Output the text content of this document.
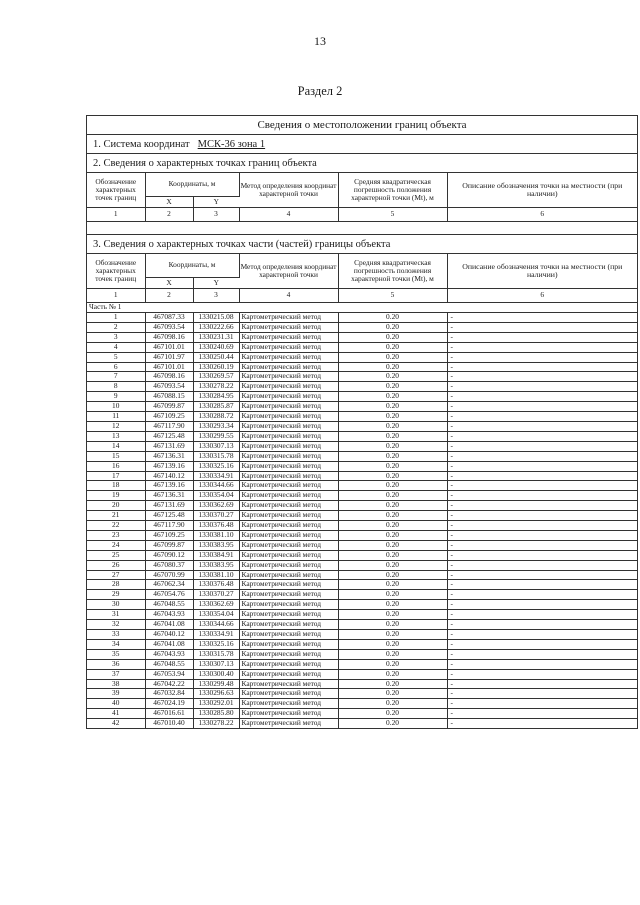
13
Раздел 2
Сведения о местоположении границ объекта
1. Система координат МСК-36 зона 1
2. Сведения о характерных точках границ объекта
Обозначение характерных точек границ	Координаты, м		Метод определения координат характерной точки	Средняя квадратическая погрешность положения характерной точки (Mt), м	Описание обозначения точки на местности (при наличии)
	X	Y			
1	2	3	4	5	6
3. Сведения о характерных точках части (частей) границы объекта
Обозначение характерных точек границ	Координаты, м		Метод определения координат характерной точки	Средняя квадратическая погрешность положения характерной точки (Mt), м	Описание обозначения точки на местности (при наличии)
	X	Y			
1	2	3	4	5	6
Часть № 1					
1	467087.33	1330215.08	Картометрический метод	0.20	-
2	467093.54	1330222.66	Картометрический метод	0.20	-
3	467098.16	1330231.31	Картометрический метод	0.20	-
4	467101.01	1330240.69	Картометрический метод	0.20	-
5	467101.97	1330250.44	Картометрический метод	0.20	-
6	467101.01	1330260.19	Картометрический метод	0.20	-
7	467098.16	1330269.57	Картометрический метод	0.20	-
8	467093.54	1330278.22	Картометрический метод	0.20	-
9	467088.15	1330284.95	Картометрический метод	0.20	-
10	467099.87	1330285.87	Картометрический метод	0.20	-
11	467109.25	1330288.72	Картометрический метод	0.20	-
12	467117.90	1330293.34	Картометрический метод	0.20	-
13	467125.48	1330299.55	Картометрический метод	0.20	-
14	467131.69	1330307.13	Картометрический метод	0.20	-
15	467136.31	1330315.78	Картометрический метод	0.20	-
16	467139.16	1330325.16	Картометрический метод	0.20	-
17	467140.12	1330334.91	Картометрический метод	0.20	-
18	467139.16	1330344.66	Картометрический метод	0.20	-
19	467136.31	1330354.04	Картометрический метод	0.20	-
20	467131.69	1330362.69	Картометрический метод	0.20	-
21	467125.48	1330370.27	Картометрический метод	0.20	-
22	467117.90	1330376.48	Картометрический метод	0.20	-
23	467109.25	1330381.10	Картометрический метод	0.20	-
24	467099.87	1330383.95	Картометрический метод	0.20	-
25	467090.12	1330384.91	Картометрический метод	0.20	-
26	467080.37	1330383.95	Картометрический метод	0.20	-
27	467070.99	1330381.10	Картометрический метод	0.20	-
28	467062.34	1330376.48	Картометрический метод	0.20	-
29	467054.76	1330370.27	Картометрический метод	0.20	-
30	467048.55	1330362.69	Картометрический метод	0.20	-
31	467043.93	1330354.04	Картометрический метод	0.20	-
32	467041.08	1330344.66	Картометрический метод	0.20	-
33	467040.12	1330334.91	Картометрический метод	0.20	-
34	467041.08	1330325.16	Картометрический метод	0.20	-
35	467043.93	1330315.78	Картометрический метод	0.20	-
36	467048.55	1330307.13	Картометрический метод	0.20	-
37	467053.94	1330300.40	Картометрический метод	0.20	-
38	467042.22	1330299.48	Картометрический метод	0.20	-
39	467032.84	1330296.63	Картометрический метод	0.20	-
40	467024.19	1330292.01	Картометрический метод	0.20	-
41	467016.61	1330285.80	Картометрический метод	0.20	-
42	467010.40	1330278.22	Картометрический метод	0.20	-
